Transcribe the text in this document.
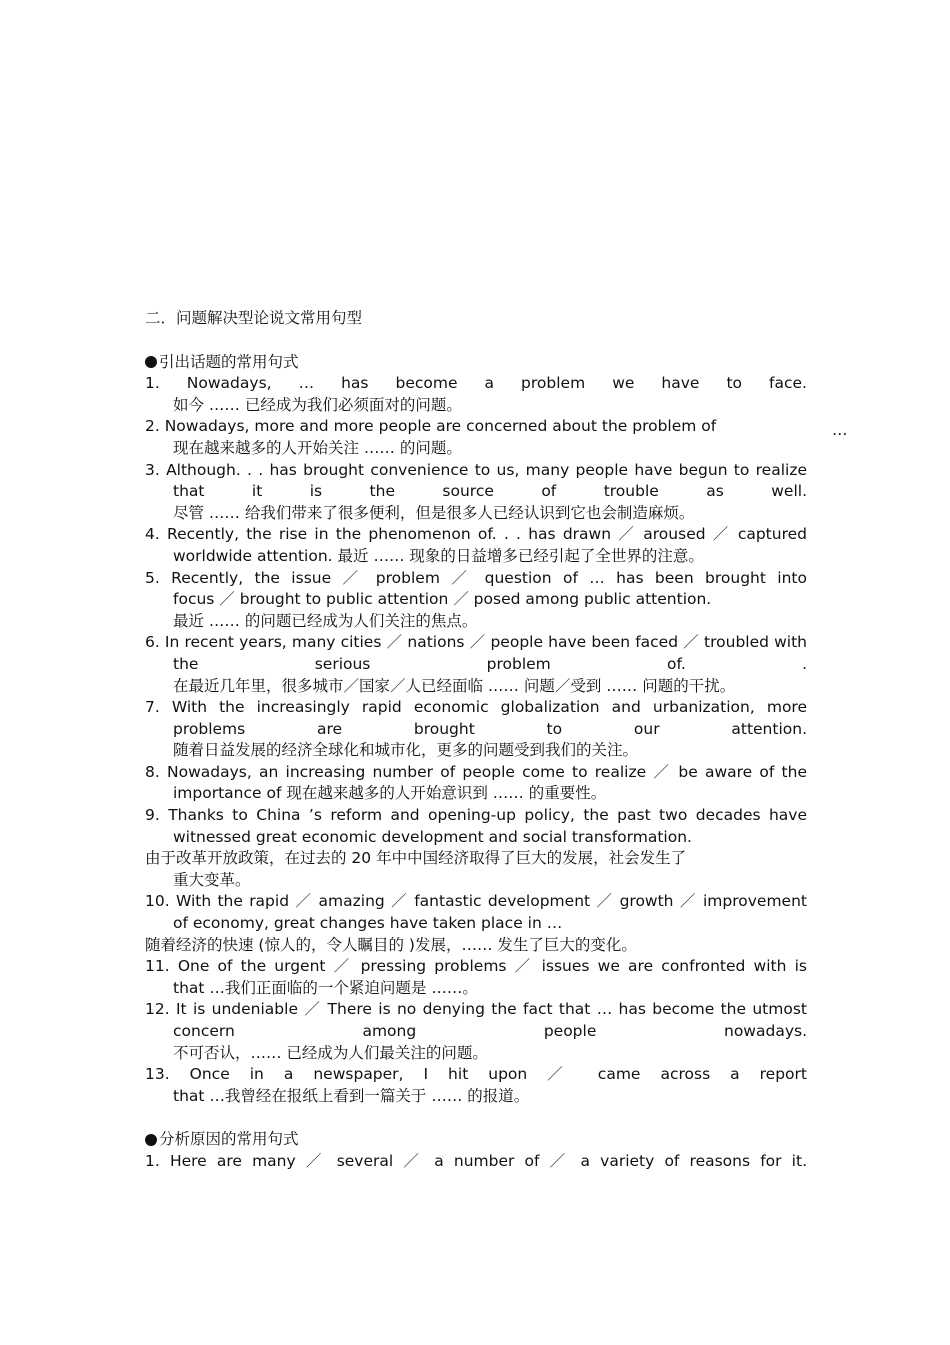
二．问题解决型论说文常用句型
引出话题的常用句式
1. Nowadays, … has become a problem we have to face.
如今 …… 已经成为我们必须面对的问题。
2. Nowadays, more and more people are concerned about the problem of
现在越来越多的人开始关注 …… 的问题。
3. Although. . . has brought convenience to us, many people have begun to realize
that it is the source of trouble as well.
尽管 …… 给我们带来了很多便利，但是很多人已经认识到它也会制造麻烦。
4. Recently, the rise in the phenomenon of. . . has drawn ／ aroused ／ captured
worldwide attention. 最近 …… 现象的日益增多已经引起了全世界的注意。
5. Recently, the issue ／ problem ／ question of … has been brought into
focus ／ brought to public attention ／ posed among public attention.
最近 …… 的问题已经成为人们关注的焦点。
6. In recent years, many cities ／ nations ／ people have been faced ／ troubled with
the serious problem of. .
在最近几年里，很多城市／国家／人已经面临 …… 问题／受到 …… 问题的干扰。
7. With the increasingly rapid economic globalization and urbanization, more
problems are brought to our attention.
随着日益发展的经济全球化和城市化，更多的问题受到我们的关注。
8. Nowadays, an increasing number of people come to realize ／ be aware of the
importance of 现在越来越多的人开始意识到 …… 的重要性。
9. Thanks to China ’s reform and opening-up policy, the past two decades have
witnessed great economic development and social transformation.
由于改革开放政策，在过去的 20 年中中国经济取得了巨大的发展，社会发生了
重大变革。
10. With the rapid ／ amazing ／ fantastic development ／ growth ／ improvement
of economy, great changes have taken place in …
随着经济的快速 (惊人的，令人瞩目的 )发展，…… 发生了巨大的变化。
11. One of the urgent ／ pressing problems ／ issues we are confronted with is
that …我们正面临的一个紧迫问题是 ……。
12. It is undeniable ／ There is no denying the fact that … has become the utmost
concern among people nowadays.
不可否认，…… 已经成为人们最关注的问题。
13. Once in a newspaper, I hit upon ／ came across a report
that …我曾经在报纸上看到一篇关于 …… 的报道。
分析原因的常用句式
1. Here are many ／ several ／ a number of ／ a variety of reasons for it.
…
